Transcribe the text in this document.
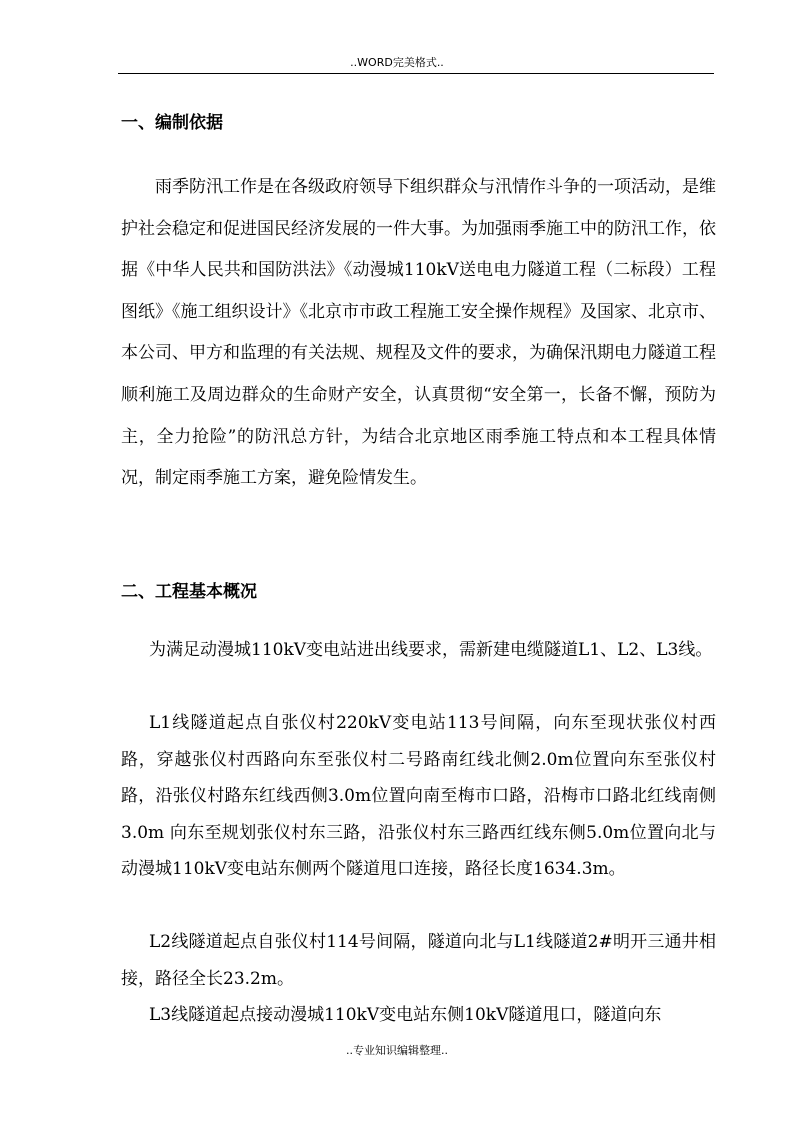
..WORD完美格式..
一、编制依据

雨季防汛工作是在各级政府领导下组织群众与汛情作斗争的一项活动，是维护社会稳定和促进国民经济发展的一件大事。为加强雨季施工中的防汛工作，依据《中华人民共和国防洪法》《动漫城110kV送电电力隧道工程（二标段）工程图纸》《施工组织设计》《北京市市政工程施工安全操作规程》及国家、北京市、本公司、甲方和监理的有关法规、规程及文件的要求，为确保汛期电力隧道工程顺利施工及周边群众的生命财产安全，认真贯彻“安全第一，长备不懈，预防为主，全力抢险”的防汛总方针，为结合北京地区雨季施工特点和本工程具体情况，制定雨季施工方案，避免险情发生。

二、工程基本概况

为满足动漫城110kV变电站进出线要求，需新建电缆隧道L1、L2、L3线。

L1线隧道起点自张仪村220kV变电站113号间隔，向东至现状张仪村西路，穿越张仪村西路向东至张仪村二号路南红线北侧2.0m位置向东至张仪村路，沿张仪村路东红线西侧3.0m位置向南至梅市口路，沿梅市口路北红线南侧3.0m 向东至规划张仪村东三路，沿张仪村东三路西红线东侧5.0m位置向北与动漫城110kV变电站东侧两个隧道甩口连接，路径长度1634.3m。

L2线隧道起点自张仪村114号间隔，隧道向北与L1线隧道2#明开三通井相接，路径全长23.2m。

L3线隧道起点接动漫城110kV变电站东侧10kV隧道甩口，隧道向东

..专业知识编辑整理..
